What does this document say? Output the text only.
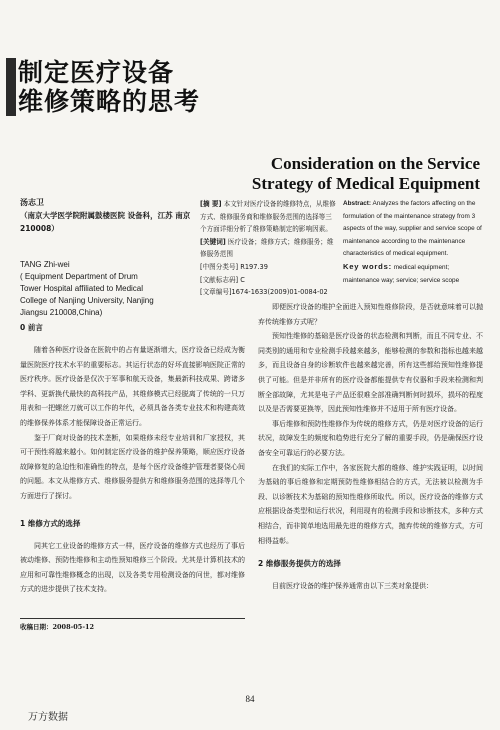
制定医疗设备
维修策略的思考
Consideration on the Service
Strategy of Medical Equipment
汤志卫
（南京大学医学院附属鼓楼医院 设备科，江苏 南京 210008）
TANG Zhi-wei
( Equipment Department of Drum
Tower Hospital affiliated to Medical
College of Nanjing University, Nanjing
Jiangsu 210008,China)
[摘 要] 本文针对医疗设备的维修特点，从维修方式、维修服务商和维修服务范围的选择等三个方面详细分析了维修策略制定的影响因素。
[关键词] 医疗设备；维修方式；维修服务；维修服务范围
[中图分类号] R197.39
[文献标志码] C
[文章编号]1674-1633(2009)01-0084-02
Abstract: Analyzes the factors affecting on the formulation of the maintenance strategy from 3 aspects of the way, supplier and service scope of maintenance according to the maintenance characteristics of medical equipment.
Key words: medical equipment; maintenance way; service; service scope
0 前言

随着各种医疗设备在医院中的占有量逐渐增大，医疗设备已经成为衡量医院医疗技术水平的重要标志。其运行状态的好坏直接影响医院正常的医疗秩序。医疗设备是仅次于军事和航天设备，集最新科技成果、跨诸多学科、更新换代最快的高科技产品，其维修模式已经脱离了传统的一只万用表和一把螺丝刀就可以工作的年代，必须具备各类专业技术和构建高效的维修保养体系才能保障设备正常运行。

鉴于厂商对设备的技术垄断，如果维修未经专业培训和厂家授权，其可干预性将越来越小。如何制定医疗设备的维护保养策略，顺应医疗设备故障修复的急迫性和准确性的特点，是每个医疗设备维护管理者要侥心间的问题。本文从维修方式、维修服务提供方和维修服务范围的选择等几个方面进行了探讨。

1 维修方式的选择

同其它工业设备的维修方式一样，医疗设备的维修方式也经历了事后被动维修、预防性维修和主动性预知维修三个阶段。尤其是计算机技术的应用和可靠性维修概念的出现，以及各类专用检测设备的问世，都对维修方式的进步提供了技术支持。

即便医疗设备的维护全面进入预知性维修阶段，是否就意味着可以抛弃传统维修方式呢？

预知性维修的基础是医疗设备的状态检测和判断，而且不同专业、不同类别的通用和专业检测手段越来越多，能够检测的参数和指标也越来越多，而且设备自身的诊断软件也越来越完善，所有这些都给预知性维修提供了可能。但是并非所有的医疗设备都能提供专有仪器和手段来检测和判断全部故障，尤其是电子产品还很难全部准确判断何时损坏，损坏的程度以及是否需要更换等，因此预知性维修并不适用于所有医疗设备。

事后维修和预防性维修作为传统的维修方式，仍是对医疗设备的运行状况，故障发生的频度和趋势进行充分了解的重要手段，仍是确保医疗设备安全可靠运行的必要方法。

在我们的实际工作中，各家医院大都的维修、维护实践证明，以时间为基础的事后维修和定期预防性维修相结合的方式，无法被以检测为手段、以诊断技术为基础的预知性维修所取代。所以，医疗设备的维修方式应根据设备类型和运行状况，利用现有的检测手段和诊断技术，多种方式相结合，而非简单地选用最先进的维修方式，抛弃传统的维修方式，方可相得益彰。

2 维修服务提供方的选择

目前医疗设备的维护保养通常由以下三类对象提供：

收稿日期：2008-05-12
84
万方数据
